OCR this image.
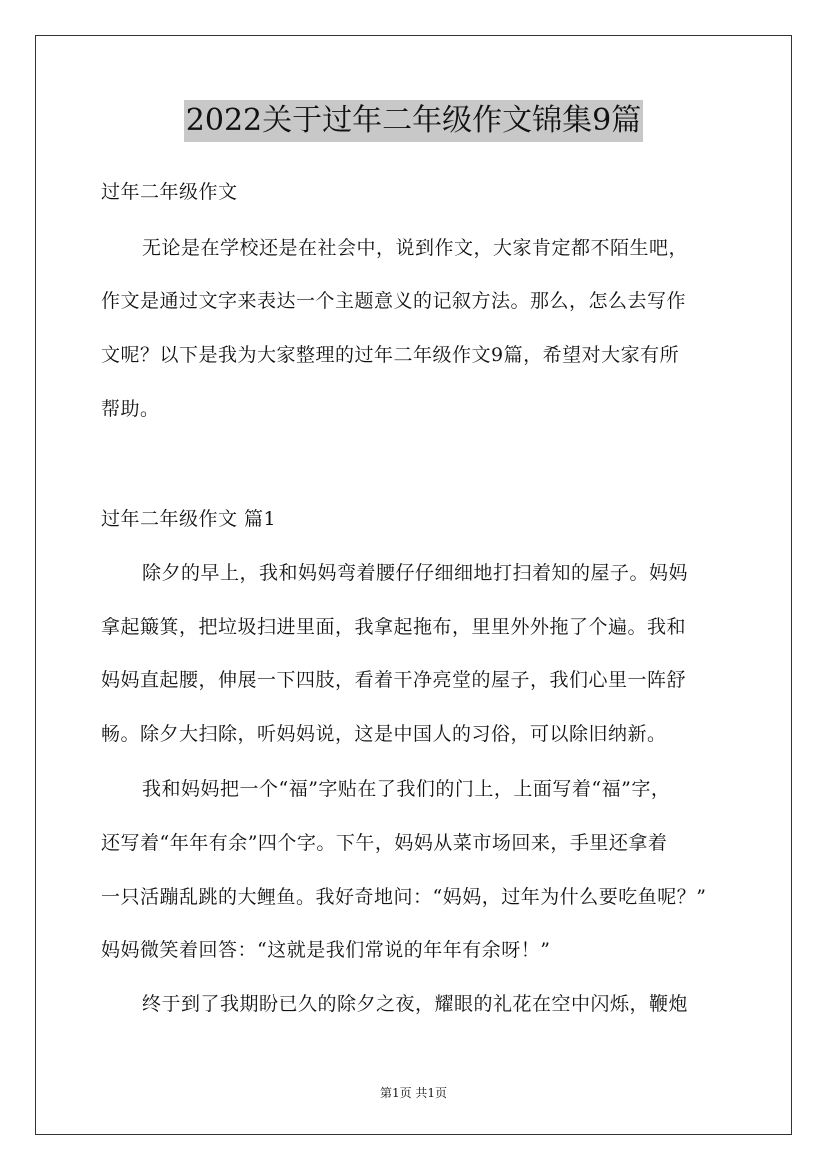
2022关于过年二年级作文锦集9篇
过年二年级作文
无论是在学校还是在社会中，说到作文，大家肯定都不陌生吧，
作文是通过文字来表达一个主题意义的记叙方法。那么，怎么去写作
文呢？以下是我为大家整理的过年二年级作文9篇，希望对大家有所
帮助。
过年二年级作文 篇1
除夕的早上，我和妈妈弯着腰仔仔细细地打扫着知的屋子。妈妈
拿起簸箕，把垃圾扫进里面，我拿起拖布，里里外外拖了个遍。我和
妈妈直起腰，伸展一下四肢，看着干净亮堂的屋子，我们心里一阵舒
畅。除夕大扫除，听妈妈说，这是中国人的习俗，可以除旧纳新。
我和妈妈把一个“福”字贴在了我们的门上，上面写着“福”字，
还写着“年年有余”四个字。下午，妈妈从菜市场回来，手里还拿着
一只活蹦乱跳的大鲤鱼。我好奇地问：“妈妈，过年为什么要吃鱼呢？”
妈妈微笑着回答：“这就是我们常说的年年有余呀！”
终于到了我期盼已久的除夕之夜，耀眼的礼花在空中闪烁，鞭炮
第1页 共1页
